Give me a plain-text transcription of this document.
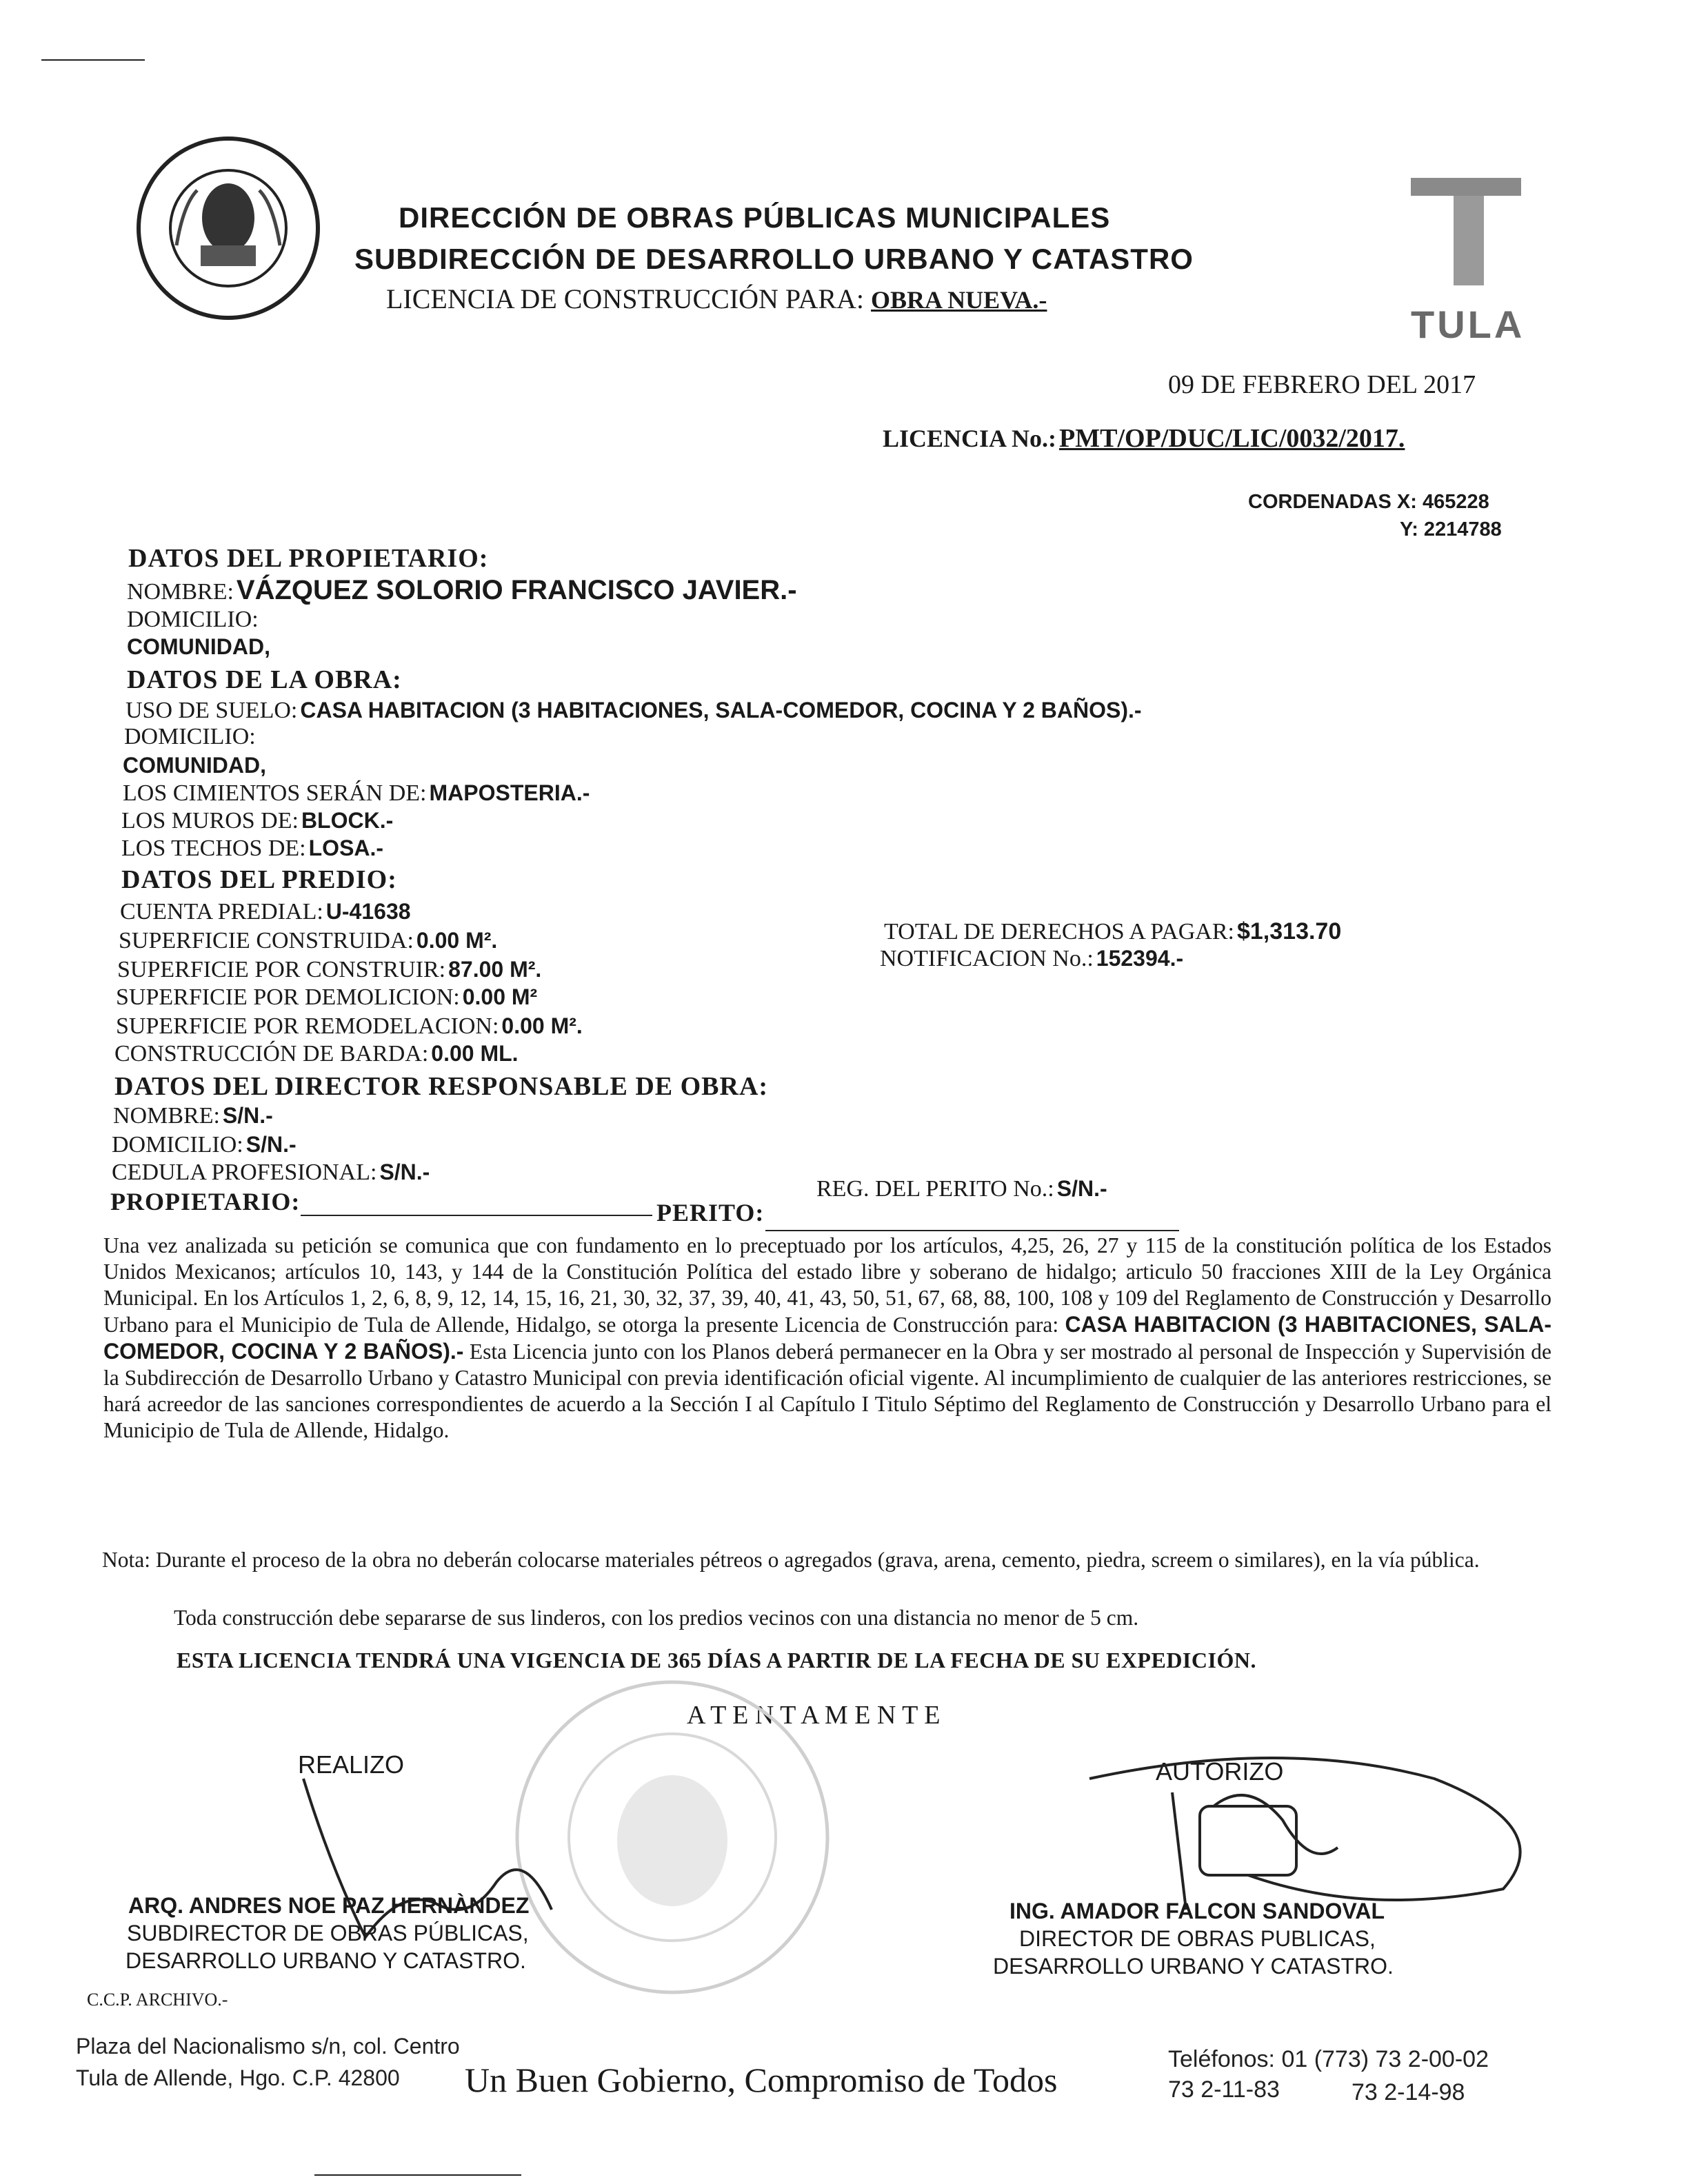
DIRECCIÓN DE OBRAS PÚBLICAS MUNICIPALES
SUBDIRECCIÓN DE DESARROLLO URBANO Y CATASTRO
LICENCIA DE CONSTRUCCIÓN PARA: OBRA NUEVA.-
TULA
09 DE FEBRERO DEL 2017
LICENCIA No.: PMT/OP/DUC/LIC/0032/2017.
CORDENADAS X: 465228
Y: 2214788
DATOS DEL PROPIETARIO:
NOMBRE: VÁZQUEZ SOLORIO FRANCISCO JAVIER.-
DOMICILIO:
COMUNIDAD,
DATOS DE LA OBRA:
USO DE SUELO: CASA HABITACION (3 HABITACIONES, SALA-COMEDOR, COCINA Y 2 BAÑOS).-
DOMICILIO:
COMUNIDAD,
LOS CIMIENTOS SERÁN DE: MAPOSTERIA.-
LOS MUROS DE: BLOCK.-
LOS TECHOS DE: LOSA.-
DATOS DEL PREDIO:
CUENTA PREDIAL: U-41638
SUPERFICIE CONSTRUIDA: 0.00 M².
SUPERFICIE POR CONSTRUIR: 87.00 M².
SUPERFICIE POR DEMOLICION: 0.00 M²
SUPERFICIE POR REMODELACION: 0.00 M².
CONSTRUCCIÓN DE BARDA: 0.00 ML.
TOTAL DE DERECHOS A PAGAR: $1,313.70
NOTIFICACION No.: 152394.-
DATOS DEL DIRECTOR RESPONSABLE DE OBRA:
NOMBRE: S/N.-
DOMICILIO: S/N.-
CEDULA PROFESIONAL: S/N.-
PROPIETARIO:	PERITO:
REG. DEL PERITO No.: S/N.-
Una vez analizada su petición se comunica que con fundamento en lo preceptuado por los artículos, 4,25, 26, 27 y 115 de la constitución política de los Estados Unidos Mexicanos; artículos 10, 143, y 144 de la Constitución Política del estado libre y soberano de hidalgo; articulo 50 fracciones XIII de la Ley Orgánica Municipal. En los Artículos 1, 2, 6, 8, 9, 12, 14, 15, 16, 21, 30, 32, 37, 39, 40, 41, 43, 50, 51, 67, 68, 88, 100, 108 y 109 del Reglamento de Construcción y Desarrollo Urbano para el Municipio de Tula de Allende, Hidalgo, se otorga la presente Licencia de Construcción para: CASA HABITACION (3 HABITACIONES, SALA-COMEDOR, COCINA Y 2 BAÑOS).- Esta Licencia junto con los Planos deberá permanecer en la Obra y ser mostrado al personal de Inspección y Supervisión de la Subdirección de Desarrollo Urbano y Catastro Municipal con previa identificación oficial vigente. Al incumplimiento de cualquier de las anteriores restricciones, se hará acreedor de las sanciones correspondientes de acuerdo a la Sección I al Capítulo I Titulo Séptimo del Reglamento de Construcción y Desarrollo Urbano para el Municipio de Tula de Allende, Hidalgo.
Nota: Durante el proceso de la obra no deberán colocarse materiales pétreos o agregados (grava, arena, cemento, piedra, screem o similares), en la vía pública.
Toda construcción debe separarse de sus linderos, con los predios vecinos con una distancia no menor de 5 cm.
ESTA LICENCIA TENDRÁ UNA VIGENCIA DE 365 DÍAS A PARTIR DE LA FECHA DE SU EXPEDICIÓN.
A T E N T A M E N T E
REALIZO	AUTORIZO
ARQ. ANDRES NOE PAZ HERNÀNDEZ
SUBDIRECTOR DE OBRAS PÚBLICAS,
DESARROLLO URBANO Y CATASTRO.
ING. AMADOR FALCON SANDOVAL
DIRECTOR DE OBRAS PUBLICAS,
DESARROLLO URBANO Y CATASTRO.
C.C.P. ARCHIVO.-
Plaza del Nacionalismo s/n, col. Centro
Tula de Allende, Hgo. C.P. 42800 Un Buen Gobierno, Compromiso de Todos
Teléfonos: 01 (773) 73 2-00-02
73 2-11-83	73 2-14-98
